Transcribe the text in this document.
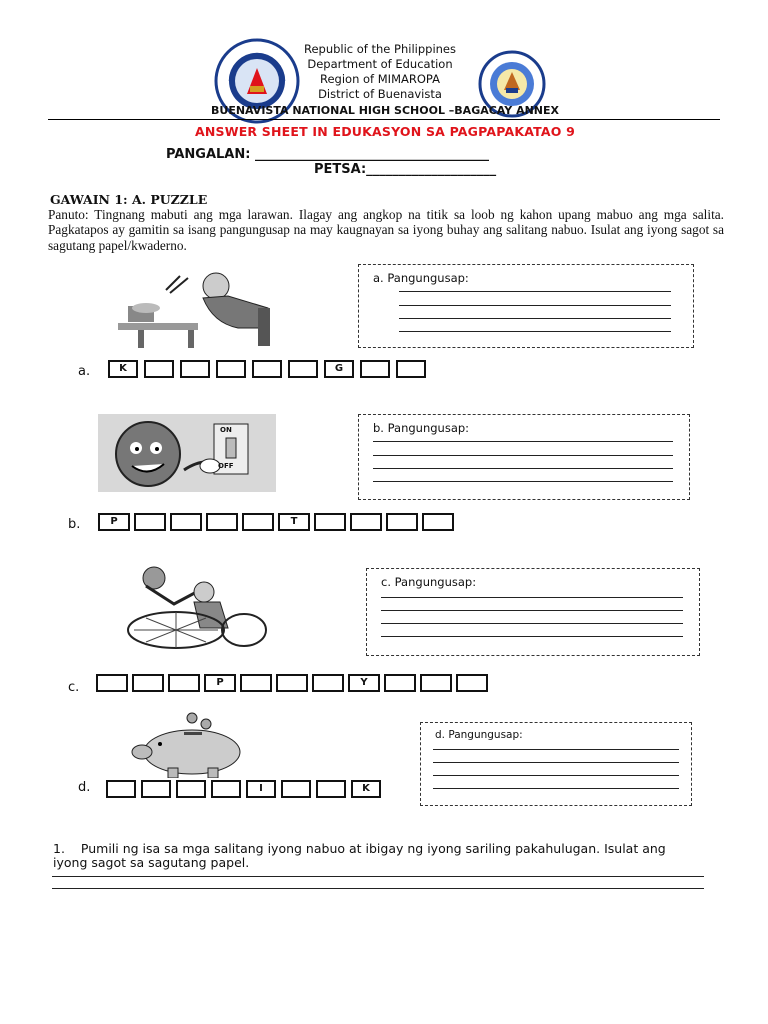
Republic of the Philippines
Department of Education
Region of MIMAROPA
District of Buenavista
BUENAVISTA NATIONAL HIGH SCHOOL –BAGACAY ANNEX
ANSWER SHEET IN EDUKASYON SA PAGPAPAKATAO 9
PANGALAN: ____________________________________
PETSA:____________________
GAWAIN 1: A. PUZZLE
Panuto: Tingnang mabuti ang mga larawan. Ilagay ang angkop na titik sa loob ng kahon upang mabuo ang mga salita. Pagkatapos ay gamitin sa isang pangungusap na may kaugnayan sa iyong buhay ang salitang nabuo. Isulat ang iyong sagot sa sagutang papel/kwaderno.
a. Pangungusap:
a.	K	G
ON
OFF
b. Pangungusap:
b.	P	T
c. Pangungusap:
c.	P	Y
d. Pangungusap:
d.	I	K
1. Pumili ng isa sa mga salitang iyong nabuo at ibigay ng iyong sariling pakahulugan. Isulat ang iyong sagot sa sagutang papel.
